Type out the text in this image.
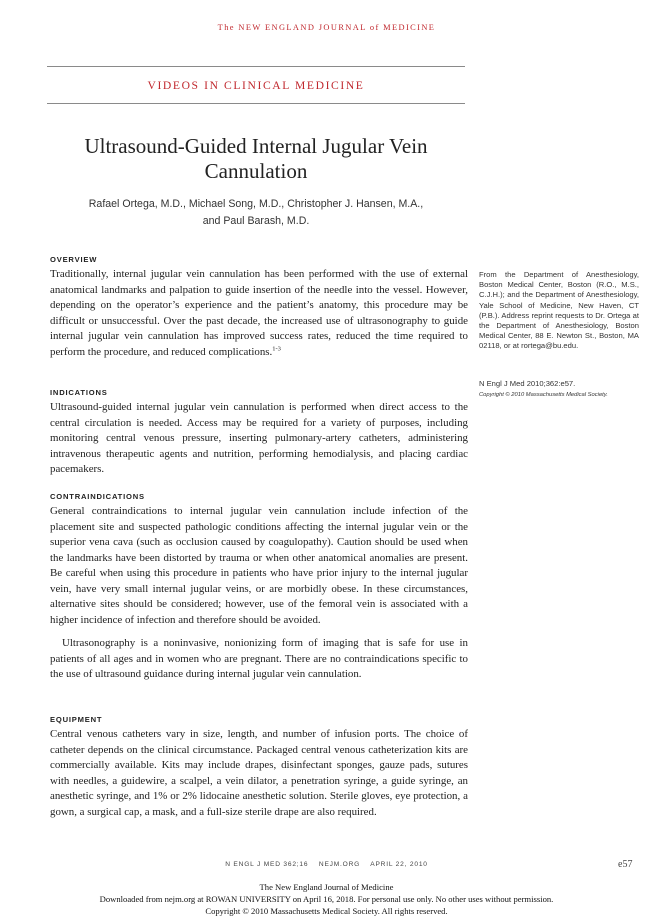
The NEW ENGLAND JOURNAL of MEDICINE
VIDEOS IN CLINICAL MEDICINE
Ultrasound-Guided Internal Jugular Vein Cannulation
Rafael Ortega, M.D., Michael Song, M.D., Christopher J. Hansen, M.A.,
and Paul Barash, M.D.
OVERVIEW

Traditionally, internal jugular vein cannulation has been performed with the use of external anatomical landmarks and palpation to guide insertion of the needle into the vessel. However, depending on the operator’s experience and the patient’s anatomy, this procedure may be difficult or unsuccessful. Over the past decade, the increased use of ultrasonography to guide internal jugular vein cannulation has improved success rates, reduced the time required to perform the procedure, and reduced complications.$^{1-3}$

INDICATIONS

Ultrasound-guided internal jugular vein cannulation is performed when direct access to the central circulation is needed. Access may be required for a variety of purposes, including monitoring central venous pressure, inserting pulmonary-artery catheters, administering intravenous therapeutic agents and nutrition, performing hemodialysis, and placing cardiac pacemakers.

CONTRAINDICATIONS

General contraindications to internal jugular vein cannulation include infection of the placement site and suspected pathologic conditions affecting the internal jugular vein or the superior vena cava (such as occlusion caused by coagulopathy). Caution should be used when the landmarks have been distorted by trauma or when other anatomical anomalies are present. Be careful when using this procedure in patients who have prior injury to the internal jugular vein, have very small internal jugular veins, or are morbidly obese. In these circumstances, alternative sites should be considered; however, use of the femoral vein is associated with a higher incidence of infection and therefore should be avoided.

Ultrasonography is a noninvasive, nonionizing form of imaging that is safe for use in patients of all ages and in women who are pregnant. There are no contraindications specific to the use of ultrasound guidance during internal jugular vein cannulation.

EQUIPMENT

Central venous catheters vary in size, length, and number of infusion ports. The choice of catheter depends on the clinical circumstance. Packaged central venous catheterization kits are commercially available. Kits may include drapes, disinfectant sponges, gauze pads, sutures with needles, a guidewire, a scalpel, a vein dilator, a penetration syringe, a guide syringe, an anesthetic syringe, and 1% or 2% lidocaine anesthetic solution. Sterile gloves, eye protection, a gown, a surgical cap, a mask, and a full-size sterile drape are also required.

From the Department of Anesthesiology, Boston Medical Center, Boston (R.O., M.S., C.J.H.); and the Department of Anesthesiology, Yale School of Medicine, New Haven, CT (P.B.). Address reprint requests to Dr. Ortega at the Department of Anesthesiology, Boston Medical Center, 88 E. Newton St., Boston, MA 02118, or at rortega@bu.edu.
N Engl J Med 2010;362:e57.
Copyright © 2010 Massachusetts Medical Society.
N ENGL J MED 362;16    NEJM.ORG    APRIL 22, 2010	e57
The New England Journal of Medicine
Downloaded from nejm.org at ROWAN UNIVERSITY on April 16, 2018. For personal use only. No other uses without permission.
Copyright © 2010 Massachusetts Medical Society. All rights reserved.
